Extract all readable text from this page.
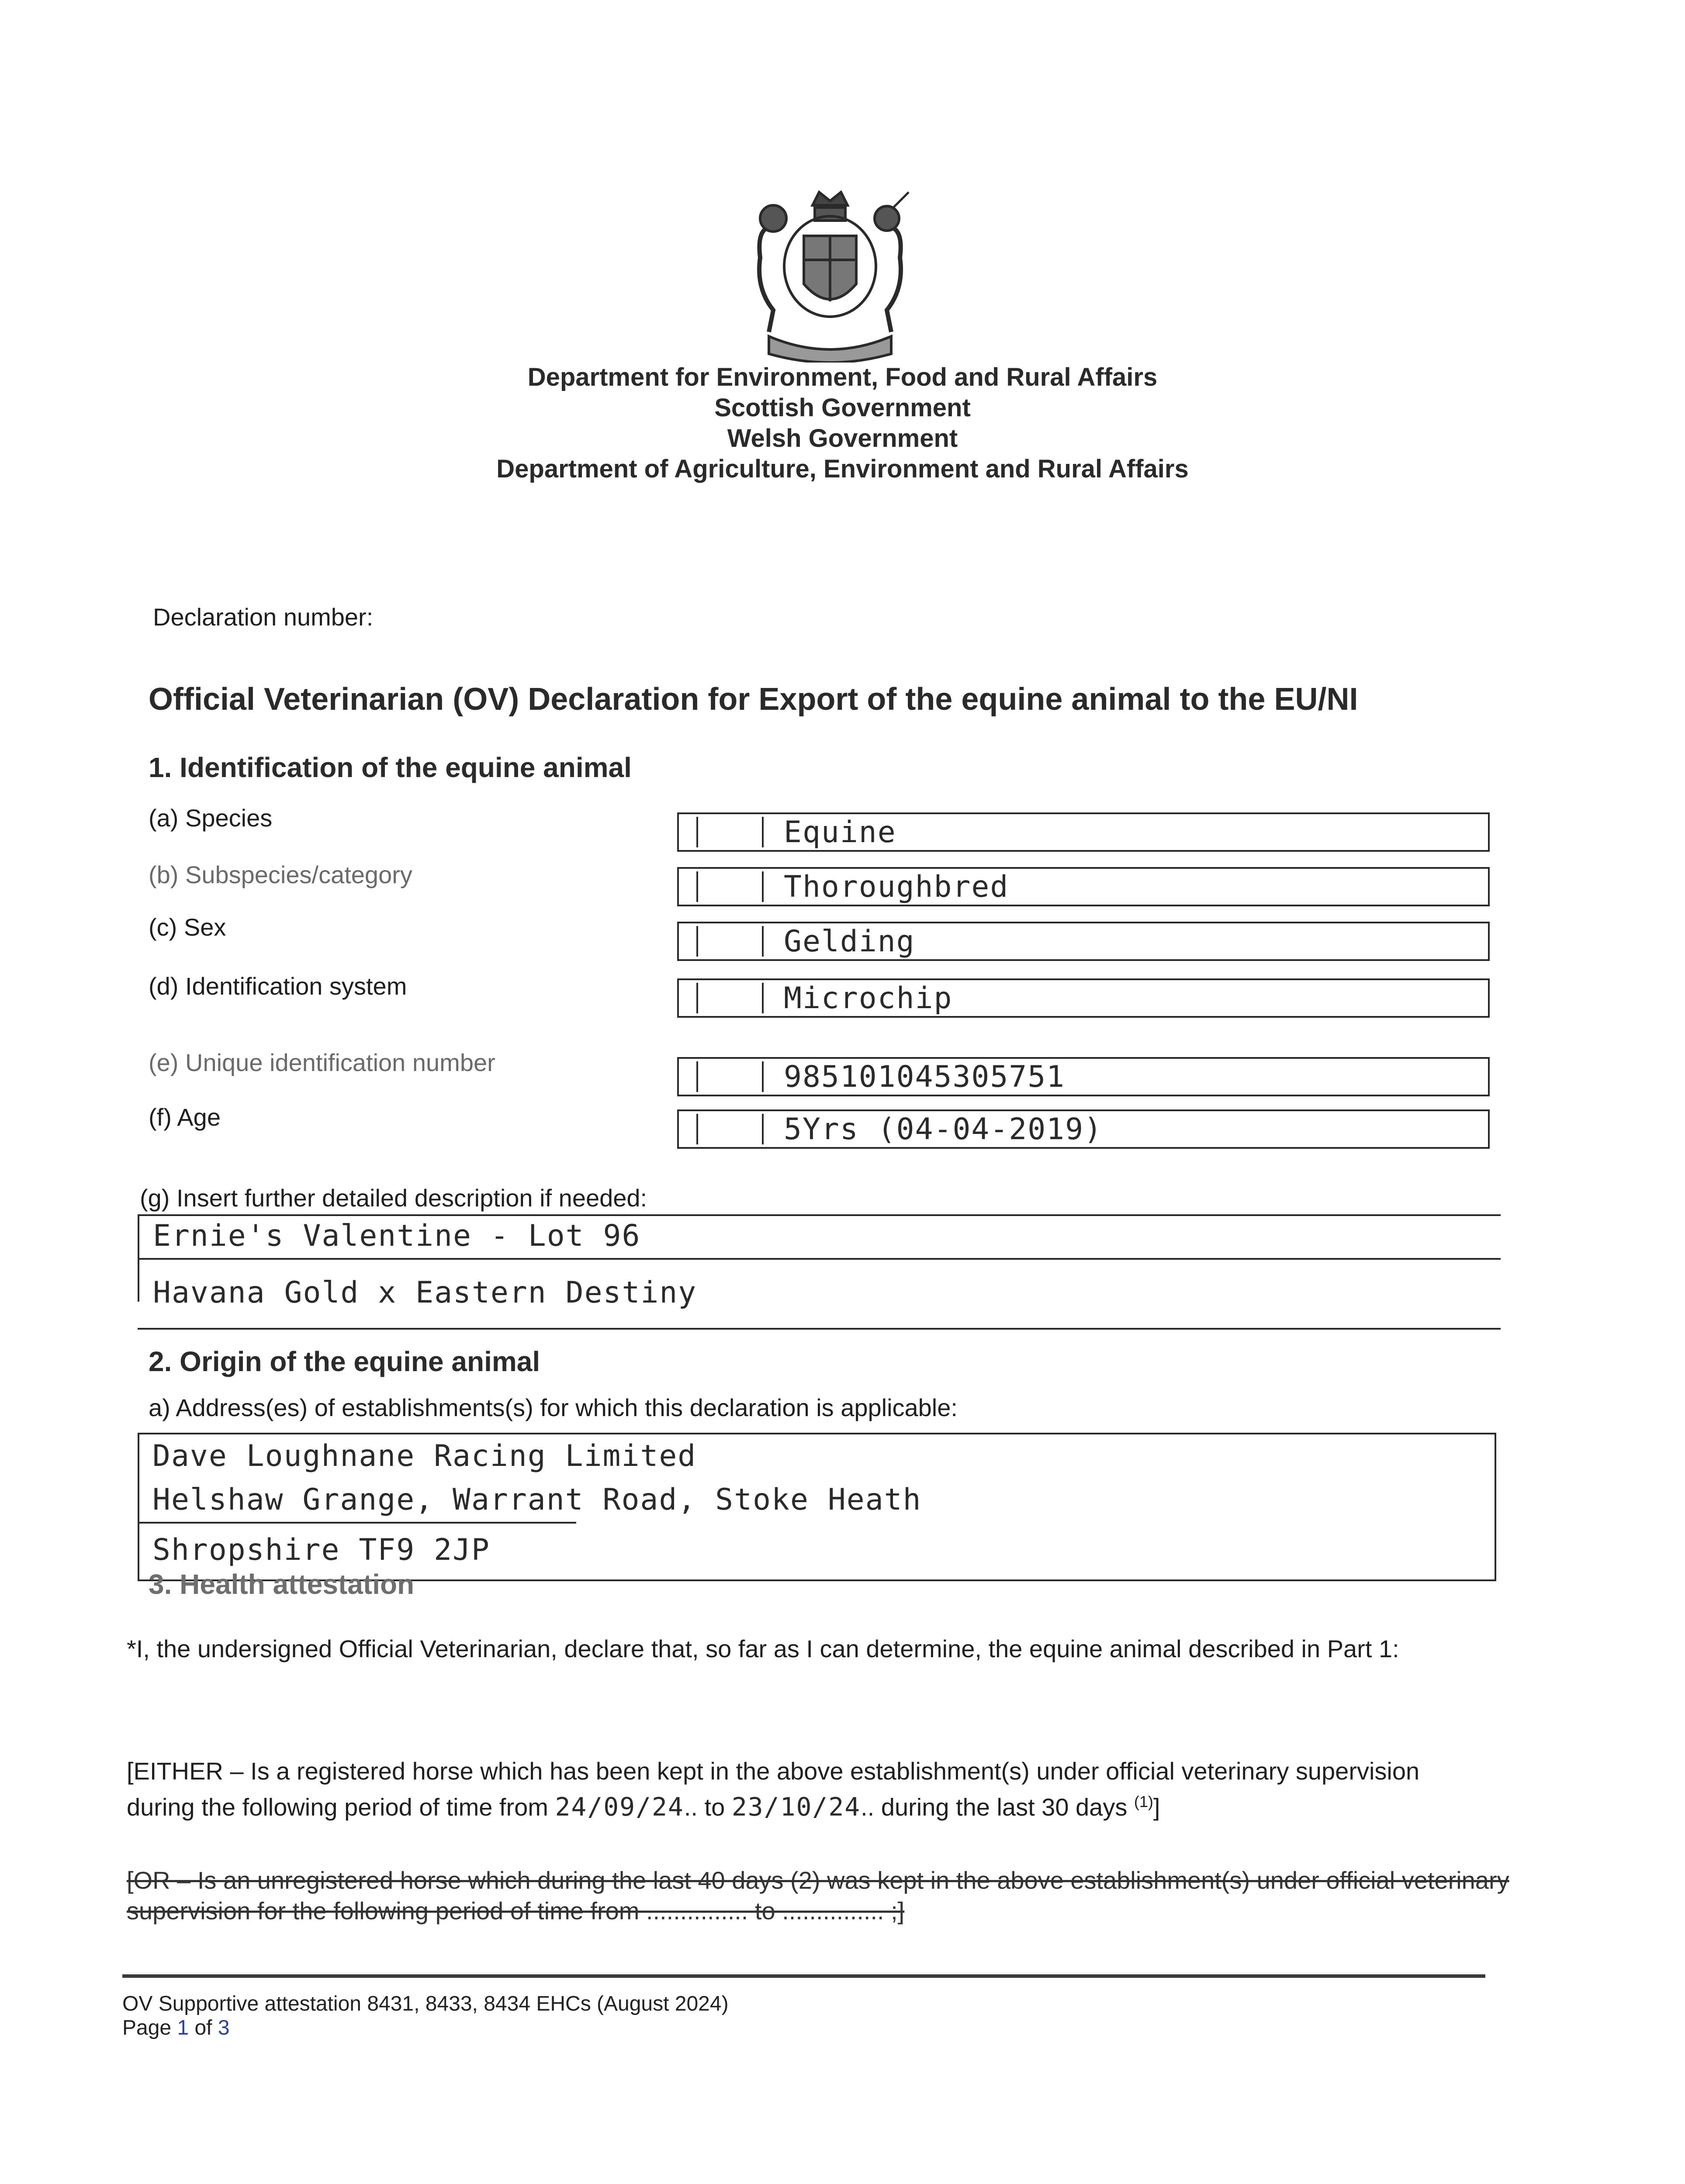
Department for Environment, Food and Rural Affairs
Scottish Government
Welsh Government
Department of Agriculture, Environment and Rural Affairs
Declaration number:
Official Veterinarian (OV) Declaration for Export of the equine animal to the EU/NI
1. Identification of the equine animal
(a) Species	Equine
(b) Subspecies/category	Thoroughbred
(c) Sex	Gelding
(d) Identification system	Microchip
(e) Unique identification number	985101045305751
(f) Age	5Yrs (04-04-2019)
(g) Insert further detailed description if needed:
Ernie's Valentine - Lot 96
Havana Gold x Eastern Destiny
2. Origin of the equine animal
a) Address(es) of establishments(s) for which this declaration is applicable:
Dave Loughnane Racing Limited
Helshaw Grange, Warrant Road, Stoke Heath
Shropshire TF9 2JP
3. Health attestation
*I, the undersigned Official Veterinarian, declare that, so far as I can determine, the equine animal described in Part 1:
[EITHER – Is a registered horse which has been kept in the above establishment(s) under official veterinary supervision during the following period of time from 24/09/24.. to 23/10/24.. during the last 30 days $^{(1)}$]
[OR – Is an unregistered horse which during the last 40 days (2) was kept in the above establishment(s) under official veterinary supervision for the following period of time from ............... to ............... ;]
OV Supportive attestation 8431, 8433, 8434 EHCs (August 2024)
Page 1 of 3
